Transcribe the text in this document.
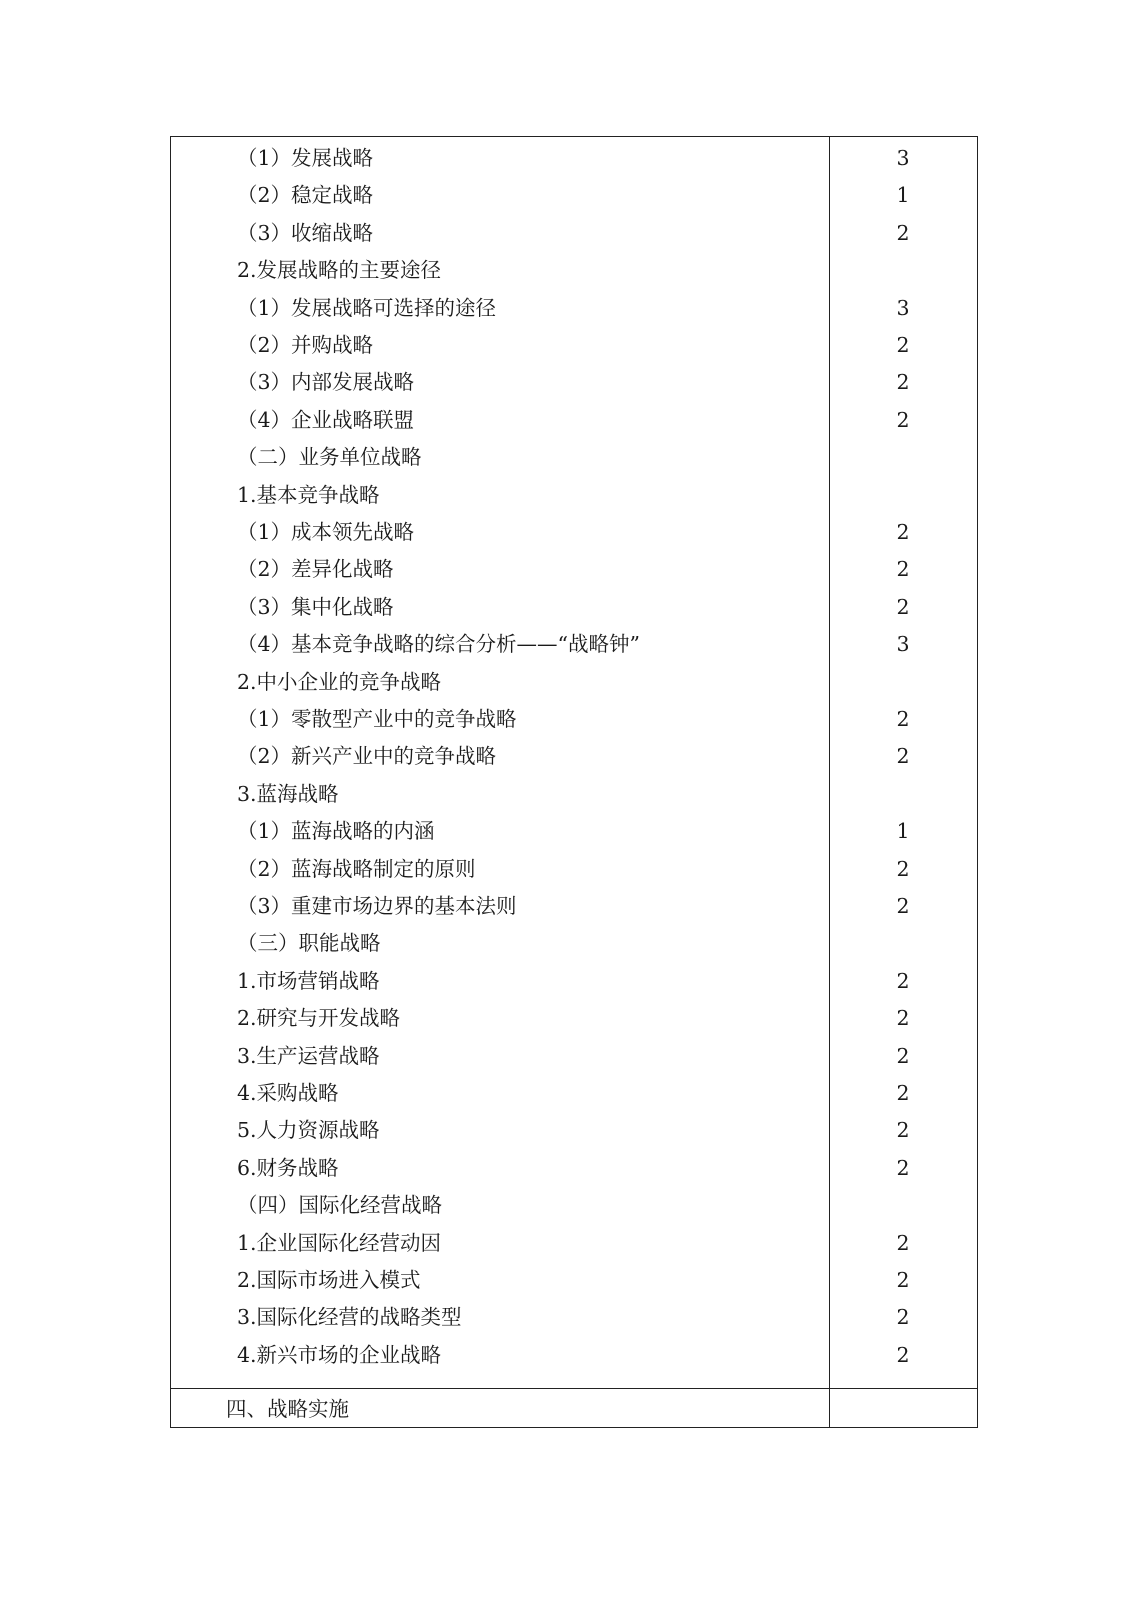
（1）发展战略	3
（2）稳定战略	1
（3）收缩战略	2
2.发展战略的主要途径
（1）发展战略可选择的途径	3
（2）并购战略	2
（3）内部发展战略	2
（4）企业战略联盟	2
（二）业务单位战略
1.基本竞争战略
（1）成本领先战略	2
（2）差异化战略	2
（3）集中化战略	2
（4）基本竞争战略的综合分析——“战略钟”	3
2.中小企业的竞争战略
（1）零散型产业中的竞争战略	2
（2）新兴产业中的竞争战略	2
3.蓝海战略
（1）蓝海战略的内涵	1
（2）蓝海战略制定的原则	2
（3）重建市场边界的基本法则	2
（三）职能战略
1.市场营销战略	2
2.研究与开发战略	2
3.生产运营战略	2
4.采购战略	2
5.人力资源战略	2
6.财务战略	2
（四）国际化经营战略
1.企业国际化经营动因	2
2.国际市场进入模式	2
3.国际化经营的战略类型	2
4.新兴市场的企业战略	2
四、战略实施
